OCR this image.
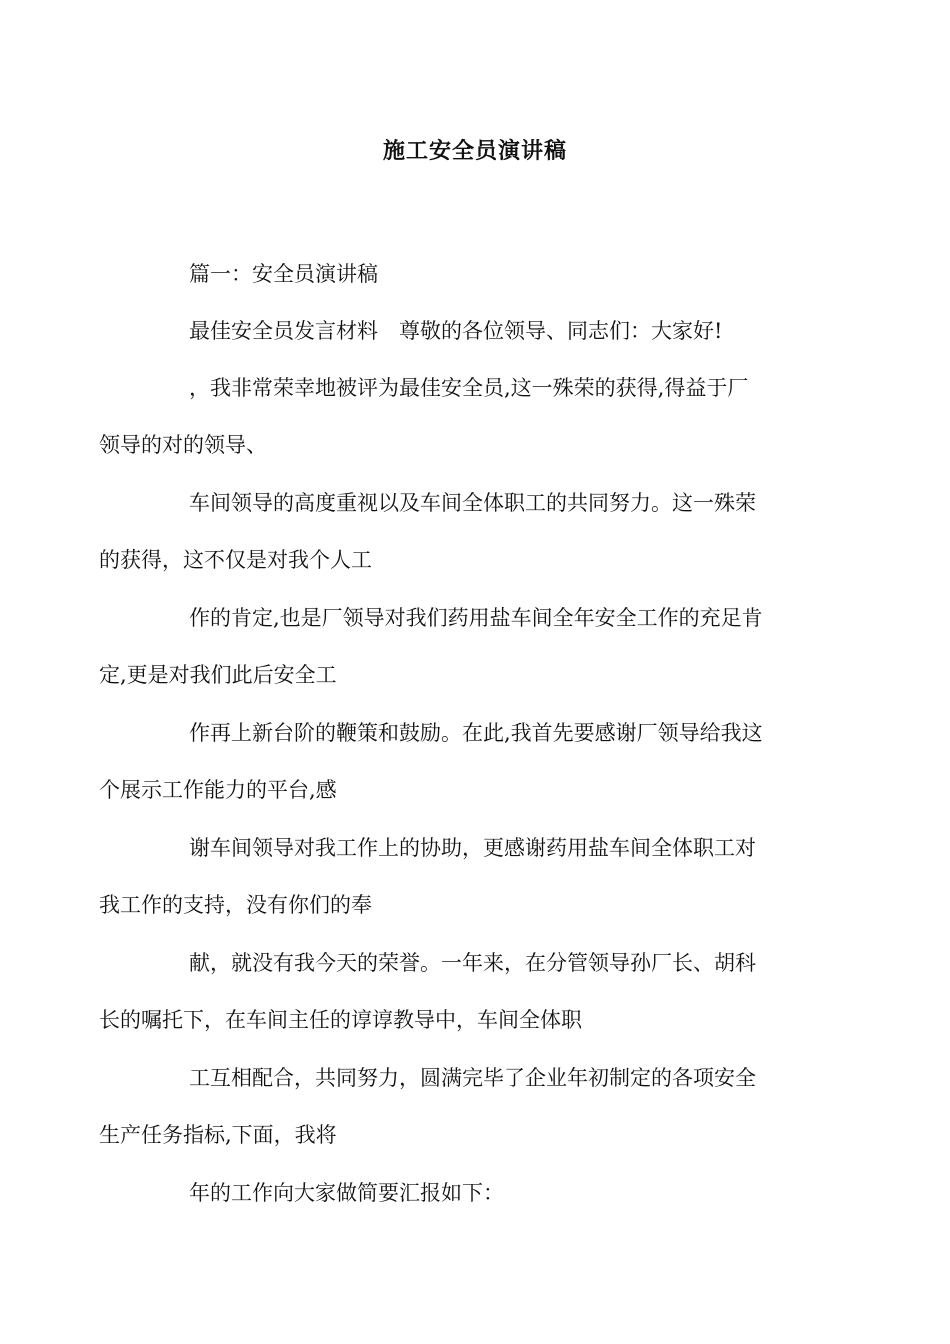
施工安全员演讲稿

篇一：安全员演讲稿

最佳安全员发言材料　尊敬的各位领导、同志们：大家好!

，我非常荣幸地被评为最佳安全员,这一殊荣的获得,得益于厂
领导的对的领导、

车间领导的高度重视以及车间全体职工的共同努力。这一殊荣
的获得，这不仅是对我个人工

作的肯定,也是厂领导对我们药用盐车间全年安全工作的充足肯
定,更是对我们此后安全工

作再上新台阶的鞭策和鼓励。在此,我首先要感谢厂领导给我这
个展示工作能力的平台,感

谢车间领导对我工作上的协助，更感谢药用盐车间全体职工对
我工作的支持，没有你们的奉

献，就没有我今天的荣誉。一年来，在分管领导孙厂长、胡科
长的嘱托下，在车间主任的谆谆教导中，车间全体职

工互相配合，共同努力，圆满完毕了企业年初制定的各项安全
生产任务指标,下面，我将

年的工作向大家做简要汇报如下：
